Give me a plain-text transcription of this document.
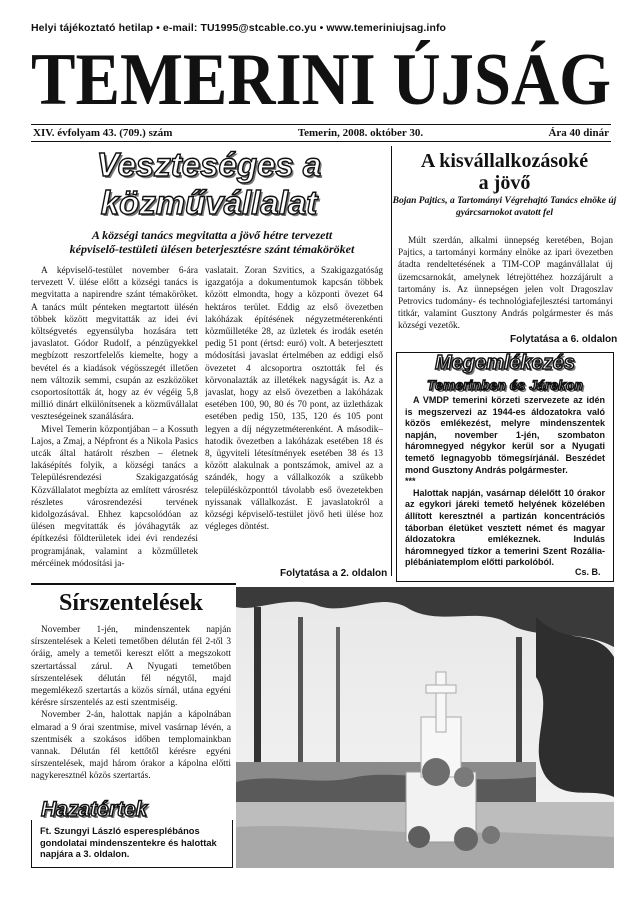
Helyi tájékoztató hetilap • e-mail: TU1995@stcable.co.yu • www.temeriniujsag.info
TEMERINI ÚJSÁG
XIV. évfolyam 43. (709.) szám	Temerin, 2008. október 30.	Ára 40 dinár
Veszteséges a
közművállalat
A községi tanács megvitatta a jövő hétre tervezett
képviselő-testületi ülésen beterjesztésre szánt témaköröket

A képviselő-testület november 6-ára tervezett V. ülése előtt a községi tanács is megvitatta a napirendre szánt témaköröket. A tanács múlt pénteken megtartott ülésén többek között megvitatták az idei évi költségvetés egyensúlyba hozására tett javaslatot. Gódor Rudolf, a pénzügyekkel megbízott reszortfelelős kiemelte, hogy a bevétel és a kiadások végösszegét illetően nem változik semmi, csupán az eszközöket csoportosították át, hogy az év végéig 5,8 millió dinárt elkülönítsenek a közművállalat veszteségeinek szanálására.

Mivel Temerin központjában – a Kossuth Lajos, a Zmaj, a Népfront és a Nikola Pasics utcák által határolt részben – életnek lakásépítés folyik, a községi tanács a Településrendezési Szakigazgatóság Közvállalatot megbízta az említett városrész részletes városrendezési tervének kidolgozásával. Ehhez kapcsolódóan az ülésen megvitatták és jóváhagyták az építkezési földterületek idei évi rendezési programjának, valamint a közműlletek mércéinek módosítási ja-

vaslatait. Zoran Szvitics, a Szakigazgatóság igazgatója a dokumentumok kapcsán többek között elmondta, hogy a központi övezet 64 hektáros terület. Eddig az első övezetben lakóházak építésének négyzetméterenkénti közműilletéke 28, az üzletek és irodák esetén pedig 51 pont (értsd: euró) volt. A beterjesztett módosítási javaslat értelmében az eddigi első övezetet 4 alcsoportra osztották fel és körvonalazták az illetékek nagyságát is. Az a javaslat, hogy az első övezetben a lakóházak esetében 100, 90, 80 és 70 pont, az üzletházak esetében pedig 150, 135, 120 és 105 pont legyen a díj négyzetméterenként. A második–hatodik övezetben a lakóházak esetében 18 és 8, ügyviteli létesítmények esetében 38 és 13 között alakulnak a pontszámok, amivel az a szándék, hogy a vállalkozók a szűkebb településközponttól távolabb eső övezetekben nyissanak vállalkozást. E javaslatokról a községi képviselő-testület jövő heti ülése hoz végleges döntést.

Folytatása a 2. oldalon
A kisvállalkozásoké
a jövő
Bojan Pajtics, a Tartományi Végrehajtó Tanács elnöke új gyárcsarnokot avatott fel

Múlt szerdán, alkalmi ünnepség keretében, Bojan Pajtics, a tartományi kormány elnöke az ipari övezetben átadta rendeltetésének a TIM-COP magánvállalat új üzemcsarnokát, amelynek létrejöttéhez hozzájárult a tartomány is. Az ünnepségen jelen volt Dragoszlav Petrovics tudomány- és technológiafejlesztési tartományi titkár, valamint Gusztony András polgármester és más községi vezetők.

Folytatása a 6. oldalon
Megemlékezés
Temerinben és Járekon

A VMDP temerini körzeti szervezete az idén is megszervezi az 1944-es áldozatokra való közös emlékezést, melyre mindenszentek napján, november 1-jén, szombaton háromnegyed négykor kerül sor a Nyugati temető legnagyobb tömegsírjánál. Beszédet mond Gusztony András polgármester.

***

Halottak napján, vasárnap délelőtt 10 órakor az egykori járeki temető helyének közelében állított keresztnél a partizán koncentrációs táborban életüket vesztett német és magyar áldozatokra emlékeznek. Indulás háromnegyed tízkor a temerini Szent Rozália-plébániatemplom előtti parkolóból.

Cs. B.
Sírszentelések

November 1-jén, mindenszentek napján sírszentelések a Keleti temetőben délután fél 2-től 3 óráig, amely a temetői kereszt előtt a megszokott szertartással zárul. A Nyugati temetőben sírszentelések délután fél négytől, majd megemlékező szertartás a közös sírnál, utána egyéni kérésre sírszentelés az esti szentmiséig.

November 2-án, halottak napján a kápolnában elmarad a 9 órai szentmise, mivel vasárnap lévén, a szentmisék a szokásos időben templomainkban vannak. Délután fél kettőtől kérésre egyéni sírszentelések, majd három órakor a kápolna előtti nagykeresztnél közös szertartás.

Hazatértek
Ft. Szungyi László esperesplébános gondolatai mindenszentekre és halottak napjára a 3. oldalon.
